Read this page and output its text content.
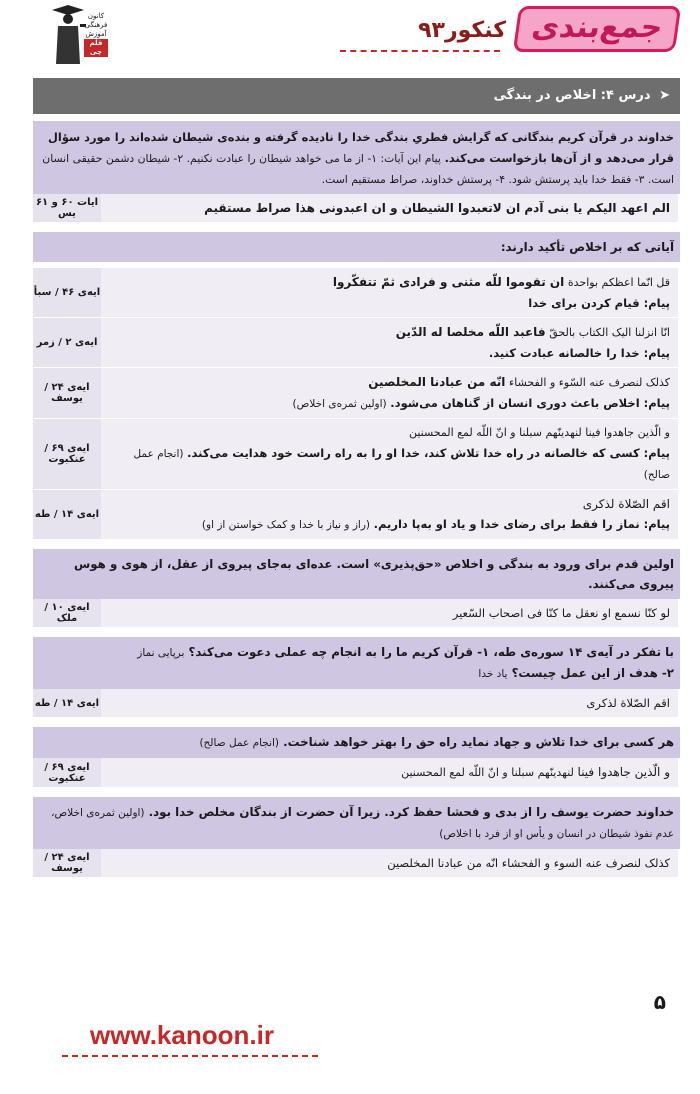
کانون
فرهنگی
آموزش
قلم چی
جمع‌بندی
کنکور۹۳
➤ درس ۴: اخلاص در بندگی
خداوند در قرآن کریم بندگانی که گرایش فطریِ بندگی خدا را نادیده گرفته و بنده‌ی شیطان شده‌اند را مورد سؤال قرار می‌دهد و از آن‌ها بازخواست می‌کند. پیام این آیات: ۱- از ما می خواهد شیطان را عبادت نکنیم. ۲- شیطان دشمن حقیقی انسان است. ۳- فقط خدا باید پرستش شود. ۴- پرستش خداوند، صراط مستقیم است.
ایات ۶۰ و ۶۱ یس	الم اعهد الیکم یا بنی آدم ان لاتعبدوا الشیطان و ان اعبدونی هذا صراط مستقیم
آیاتی که بر اخلاص تأکید دارند:
ایه‌ی ۴۶ / سبأ
قل انّما اعظکم بواحدة ان تقوموا للّه مثنی و فرادی ثمّ تتفکّروا
پیام: قیام کردن برای خدا
ایه‌ی ۲ / زمر
انّا انزلنا الیک الکتاب بالحقّ فاعبد اللّه مخلصا له الدّین
پیام: خدا را خالصانه عبادت کنید.
ایه‌ی ۲۴ / یوسف
کذلک لنصرف عنه السّوء و الفحشاء انّه من عبادنا المخلصین
پیام: اخلاص باعث دوری انسان از گناهان می‌شود. (اولین ثمره‌ی اخلاص)
ایه‌ی ۶۹ / عنکبوت
و الّذین جاهدوا فینا لنهدینّهم سبلنا و انّ اللّه لمع المحسنین
پیام: کسی که خالصانه در راه خدا تلاش کند، خدا او را به راه راست خود هدایت می‌کند. (انجام عمل صالح)
ایه‌ی ۱۴ / طه
اقم الصّلاة لذکری
پیام: نماز را فقط برای رضای خدا و یاد او به‌پا داریم. (راز و نیاز با خدا و کمک خواستن از او)
اولین قدم برای ورود به بندگی و اخلاص «حق‌پذیری» است. عده‌ای به‌جای پیروی از عقل، از هوی و هوس پیروی می‌کنند.
ایه‌ی ۱۰ / ملک	لو کنّا نسمع او نعقل ما کنّا فی اصحاب السّعیر
با تفکر در آیه‌ی ۱۴ سوره‌ی طه، ۱- قرآن کریم ما را به انجام چه عملی دعوت می‌کند؟ برپایی نماز
۲- هدف از این عمل چیست؟ یاد خدا
ایه‌ی ۱۴ / طه	اقم الصّلاة لذکری
هر کسی برای خدا تلاش و جهاد نماید راه حق را بهتر خواهد شناخت. (انجام عمل صالح)
ایه‌ی ۶۹ / عنکبوت	و الّذین جاهدوا فینا لنهدینّهم سبلنا و انّ اللّه لمع المحسنین
خداوند حضرت یوسف را از بدی و فحشا حفظ کرد. زیرا آن حضرت از بندگان مخلص خدا بود. (اولین ثمره‌ی اخلاص، عدم نفوذ شیطان در انسان و یأس او از فرد با اخلاص)
ایه‌ی ۲۴ / یوسف	کذلک لنصرف عنه السوء و الفحشاء انّه من عبادنا المخلصین
۵
www.kanoon.ir
